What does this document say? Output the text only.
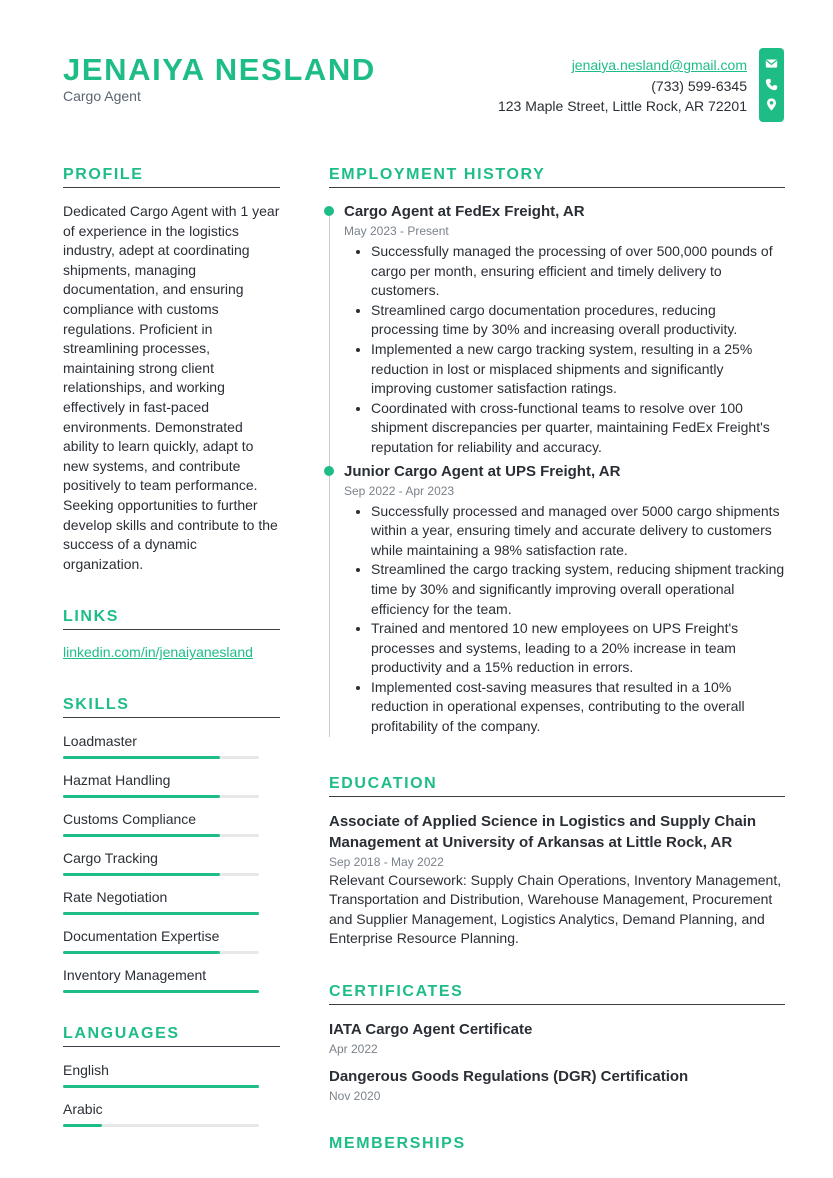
JENAIYA NESLAND
Cargo Agent
jenaiya.nesland@gmail.com
(733) 599-6345
123 Maple Street, Little Rock, AR 72201
PROFILE
Dedicated Cargo Agent with 1 year of experience in the logistics industry, adept at coordinating shipments, managing documentation, and ensuring compliance with customs regulations. Proficient in streamlining processes, maintaining strong client relationships, and working effectively in fast-paced environments. Demonstrated ability to learn quickly, adapt to new systems, and contribute positively to team performance. Seeking opportunities to further develop skills and contribute to the success of a dynamic organization.
LINKS
linkedin.com/in/jenaiyanesland
SKILLS
Loadmaster
Hazmat Handling
Customs Compliance
Cargo Tracking
Rate Negotiation
Documentation Expertise
Inventory Management
LANGUAGES
English
Arabic
EMPLOYMENT HISTORY
Cargo Agent at FedEx Freight, AR
May 2023 - Present
• Successfully managed the processing of over 500,000 pounds of cargo per month, ensuring efficient and timely delivery to customers.
• Streamlined cargo documentation procedures, reducing processing time by 30% and increasing overall productivity.
• Implemented a new cargo tracking system, resulting in a 25% reduction in lost or misplaced shipments and significantly improving customer satisfaction ratings.
• Coordinated with cross-functional teams to resolve over 100 shipment discrepancies per quarter, maintaining FedEx Freight's reputation for reliability and accuracy.
Junior Cargo Agent at UPS Freight, AR
Sep 2022 - Apr 2023
• Successfully processed and managed over 5000 cargo shipments within a year, ensuring timely and accurate delivery to customers while maintaining a 98% satisfaction rate.
• Streamlined the cargo tracking system, reducing shipment tracking time by 30% and significantly improving overall operational efficiency for the team.
• Trained and mentored 10 new employees on UPS Freight's processes and systems, leading to a 20% increase in team productivity and a 15% reduction in errors.
• Implemented cost-saving measures that resulted in a 10% reduction in operational expenses, contributing to the overall profitability of the company.
EDUCATION
Associate of Applied Science in Logistics and Supply Chain Management at University of Arkansas at Little Rock, AR
Sep 2018 - May 2022
Relevant Coursework: Supply Chain Operations, Inventory Management, Transportation and Distribution, Warehouse Management, Procurement and Supplier Management, Logistics Analytics, Demand Planning, and Enterprise Resource Planning.
CERTIFICATES
IATA Cargo Agent Certificate
Apr 2022
Dangerous Goods Regulations (DGR) Certification
Nov 2020
MEMBERSHIPS
